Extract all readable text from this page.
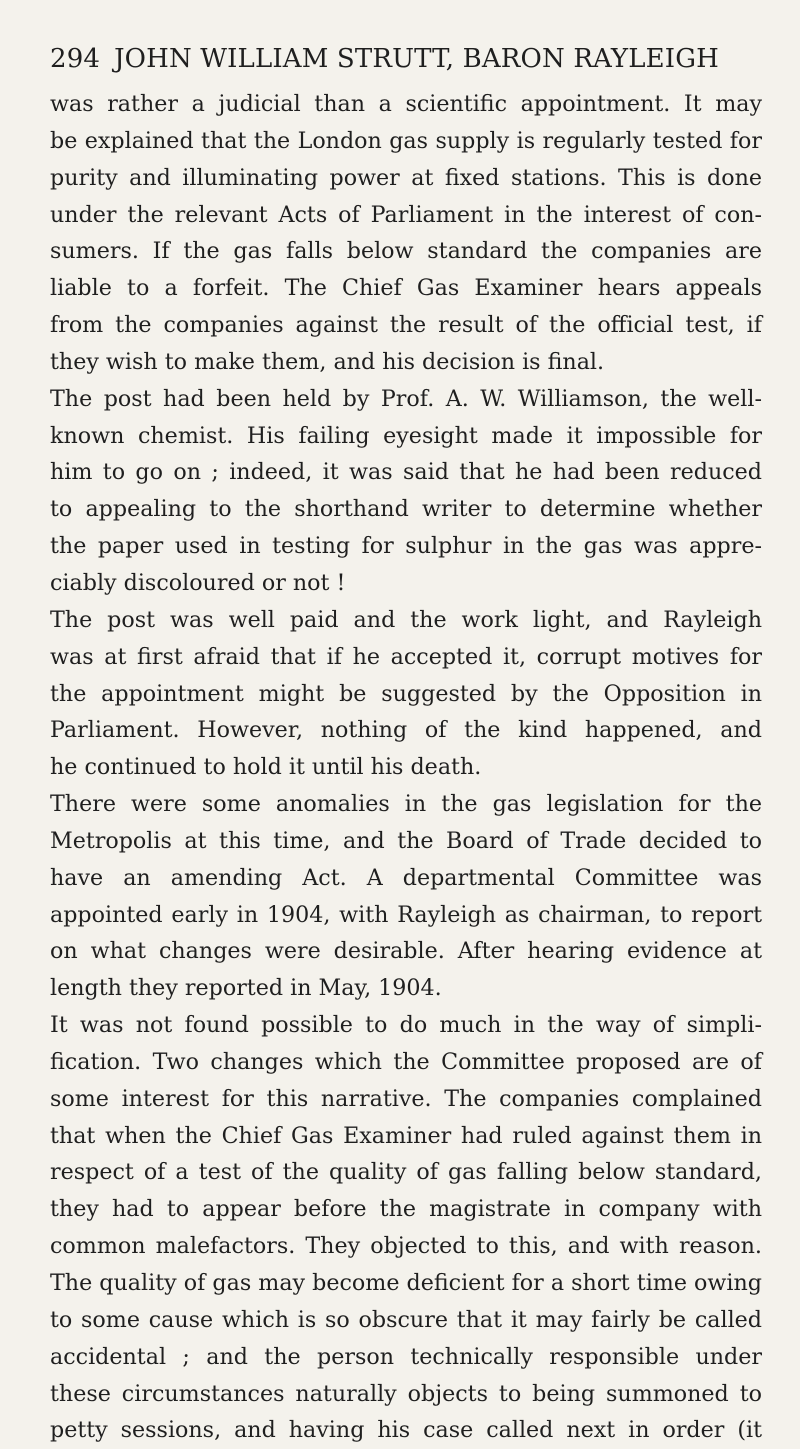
294 JOHN WILLIAM STRUTT, BARON RAYLEIGH
was rather a judicial than a scientific appointment. It may
be explained that the London gas supply is regularly tested for
purity and illuminating power at fixed stations. This is done
under the relevant Acts of Parliament in the interest of con-
sumers. If the gas falls below standard the companies are
liable to a forfeit. The Chief Gas Examiner hears appeals
from the companies against the result of the official test, if
they wish to make them, and his decision is final.
The post had been held by Prof. A. W. Williamson, the well-
known chemist. His failing eyesight made it impossible for
him to go on ; indeed, it was said that he had been reduced
to appealing to the shorthand writer to determine whether
the paper used in testing for sulphur in the gas was appre-
ciably discoloured or not !
The post was well paid and the work light, and Rayleigh
was at first afraid that if he accepted it, corrupt motives for
the appointment might be suggested by the Opposition in
Parliament. However, nothing of the kind happened, and
he continued to hold it until his death.
There were some anomalies in the gas legislation for the
Metropolis at this time, and the Board of Trade decided to
have an amending Act. A departmental Committee was
appointed early in 1904, with Rayleigh as chairman, to report
on what changes were desirable. After hearing evidence at
length they reported in May, 1904.
It was not found possible to do much in the way of simpli-
fication. Two changes which the Committee proposed are of
some interest for this narrative. The companies complained
that when the Chief Gas Examiner had ruled against them in
respect of a test of the quality of gas falling below standard,
they had to appear before the magistrate in company with
common malefactors. They objected to this, and with reason.
The quality of gas may become deficient for a short time owing
to some cause which is so obscure that it may fairly be called
accidental ; and the person technically responsible under
these circumstances naturally objects to being summoned to
petty sessions, and having his case called next in order (it
